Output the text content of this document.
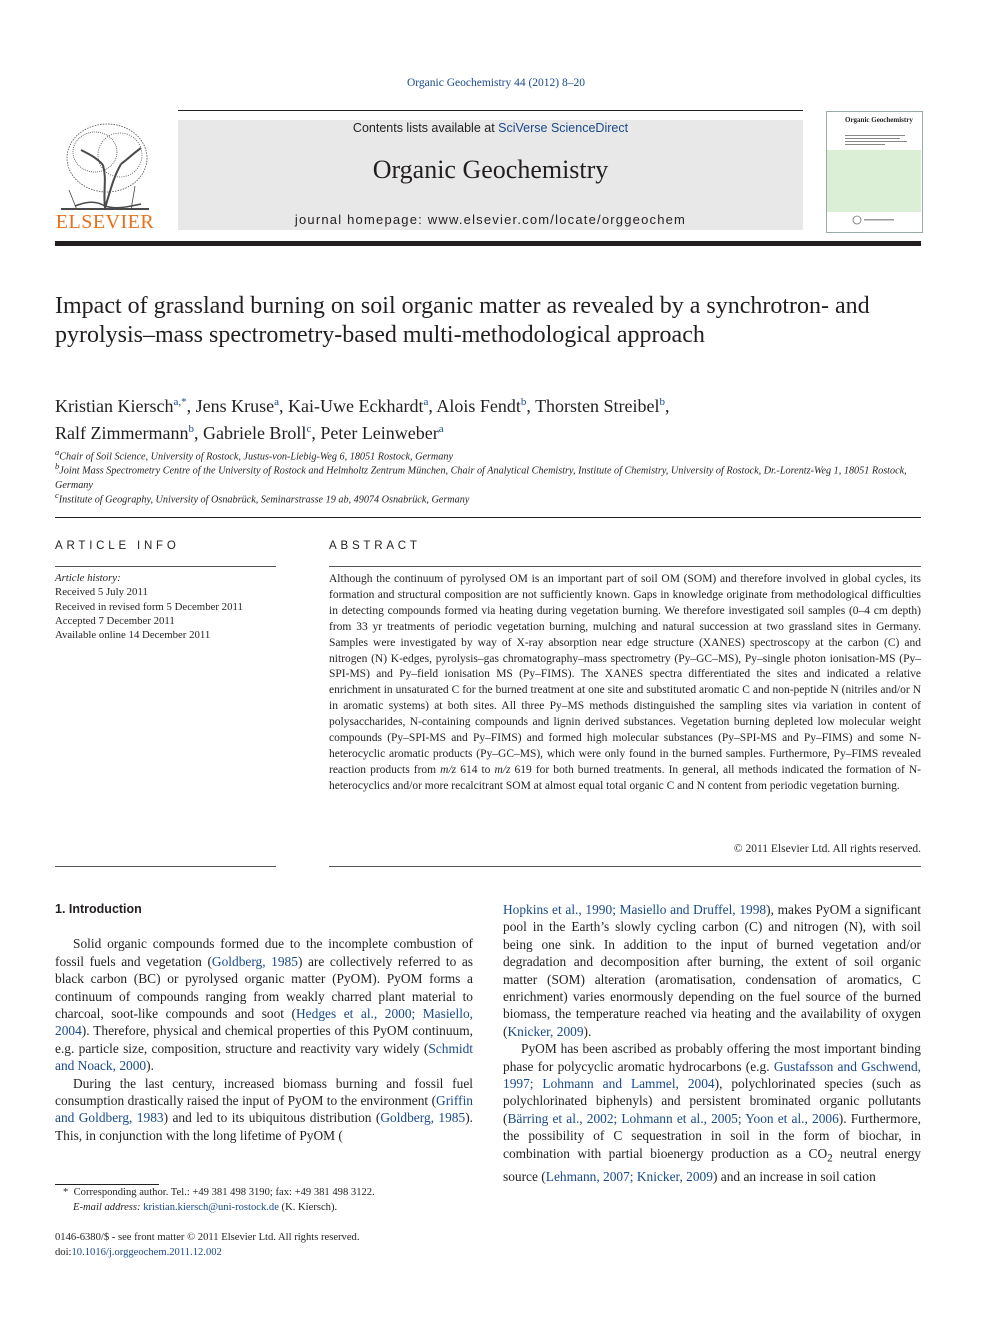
Organic Geochemistry 44 (2012) 8–20
Contents lists available at SciVerse ScienceDirect
Organic Geochemistry
journal homepage: www.elsevier.com/locate/orggeochem
ELSEVIER
Organic Geochemistry
Impact of grassland burning on soil organic matter as revealed by a synchrotron- and pyrolysis–mass spectrometry-based multi-methodological approach
Kristian Kiersch$^{a,*}$, Jens Kruse$^a$, Kai-Uwe Eckhardt$^a$, Alois Fendt$^b$, Thorsten Streibel$^b$,
Ralf Zimmermann$^b$, Gabriele Broll$^c$, Peter Leinweber$^a$
$^a$Chair of Soil Science, University of Rostock, Justus-von-Liebig-Weg 6, 18051 Rostock, Germany
$^b$Joint Mass Spectrometry Centre of the University of Rostock and Helmholtz Zentrum München, Chair of Analytical Chemistry, Institute of Chemistry, University of Rostock, Dr.-Lorentz-Weg 1, 18051 Rostock, Germany
$^c$Institute of Geography, University of Osnabrück, Seminarstrasse 19 ab, 49074 Osnabrück, Germany
ARTICLE INFO	ABSTRACT
Article history:
Received 5 July 2011
Received in revised form 5 December 2011
Accepted 7 December 2011
Available online 14 December 2011
Although the continuum of pyrolysed OM is an important part of soil OM (SOM) and therefore involved in global cycles, its formation and structural composition are not sufficiently known. Gaps in knowledge originate from methodological difficulties in detecting compounds formed via heating during vegetation burning. We therefore investigated soil samples (0–4 cm depth) from 33 yr treatments of periodic vegetation burning, mulching and natural succession at two grassland sites in Germany. Samples were investigated by way of X-ray absorption near edge structure (XANES) spectroscopy at the carbon (C) and nitrogen (N) K-edges, pyrolysis–gas chromatography–mass spectrometry (Py–GC–MS), Py–single photon ionisation-MS (Py–SPI-MS) and Py–field ionisation MS (Py–FIMS). The XANES spectra differentiated the sites and indicated a relative enrichment in unsaturated C for the burned treatment at one site and substituted aromatic C and non-peptide N (nitriles and/or N in aromatic systems) at both sites. All three Py–MS methods distinguished the sampling sites via variation in content of polysaccharides, N-containing compounds and lignin derived substances. Vegetation burning depleted low molecular weight compounds (Py–SPI-MS and Py–FIMS) and formed high molecular substances (Py–SPI-MS and Py–FIMS) and some N-heterocyclic aromatic products (Py–GC–MS), which were only found in the burned samples. Furthermore, Py–FIMS revealed reaction products from m/z 614 to m/z 619 for both burned treatments. In general, all methods indicated the formation of N-heterocyclics and/or more recalcitrant SOM at almost equal total organic C and N content from periodic vegetation burning.
© 2011 Elsevier Ltd. All rights reserved.
1. Introduction

Solid organic compounds formed due to the incomplete combustion of fossil fuels and vegetation (Goldberg, 1985) are collectively referred to as black carbon (BC) or pyrolysed organic matter (PyOM). PyOM forms a continuum of compounds ranging from weakly charred plant material to charcoal, soot-like compounds and soot (Hedges et al., 2000; Masiello, 2004). Therefore, physical and chemical properties of this PyOM continuum, e.g. particle size, composition, structure and reactivity vary widely (Schmidt and Noack, 2000).

During the last century, increased biomass burning and fossil fuel consumption drastically raised the input of PyOM to the environment (Griffin and Goldberg, 1983) and led to its ubiquitous distribution (Goldberg, 1985). This, in conjunction with the long lifetime of PyOM (

Hopkins et al., 1990; Masiello and Druffel, 1998), makes PyOM a significant pool in the Earth’s slowly cycling carbon (C) and nitrogen (N), with soil being one sink. In addition to the input of burned vegetation and/or degradation and decomposition after burning, the extent of soil organic matter (SOM) alteration (aromatisation, condensation of aromatics, C enrichment) varies enormously depending on the fuel source of the burned biomass, the temperature reached via heating and the availability of oxygen (Knicker, 2009).

PyOM has been ascribed as probably offering the most important binding phase for polycyclic aromatic hydrocarbons (e.g. Gustafsson and Gschwend, 1997; Lohmann and Lammel, 2004), polychlorinated species (such as polychlorinated biphenyls) and persistent brominated organic pollutants (Bärring et al., 2002; Lohmann et al., 2005; Yoon et al., 2006). Furthermore, the possibility of C sequestration in soil in the form of biochar, in combination with partial bioenergy production as a $CO_2$ neutral energy source (Lehmann, 2007; Knicker, 2009) and an increase in soil cation

* Corresponding author. Tel.: +49 381 498 3190; fax: +49 381 498 3122.
E-mail address: kristian.kiersch@uni-rostock.de (K. Kiersch).
0146-6380/$ - see front matter © 2011 Elsevier Ltd. All rights reserved.
doi:10.1016/j.orggeochem.2011.12.002
